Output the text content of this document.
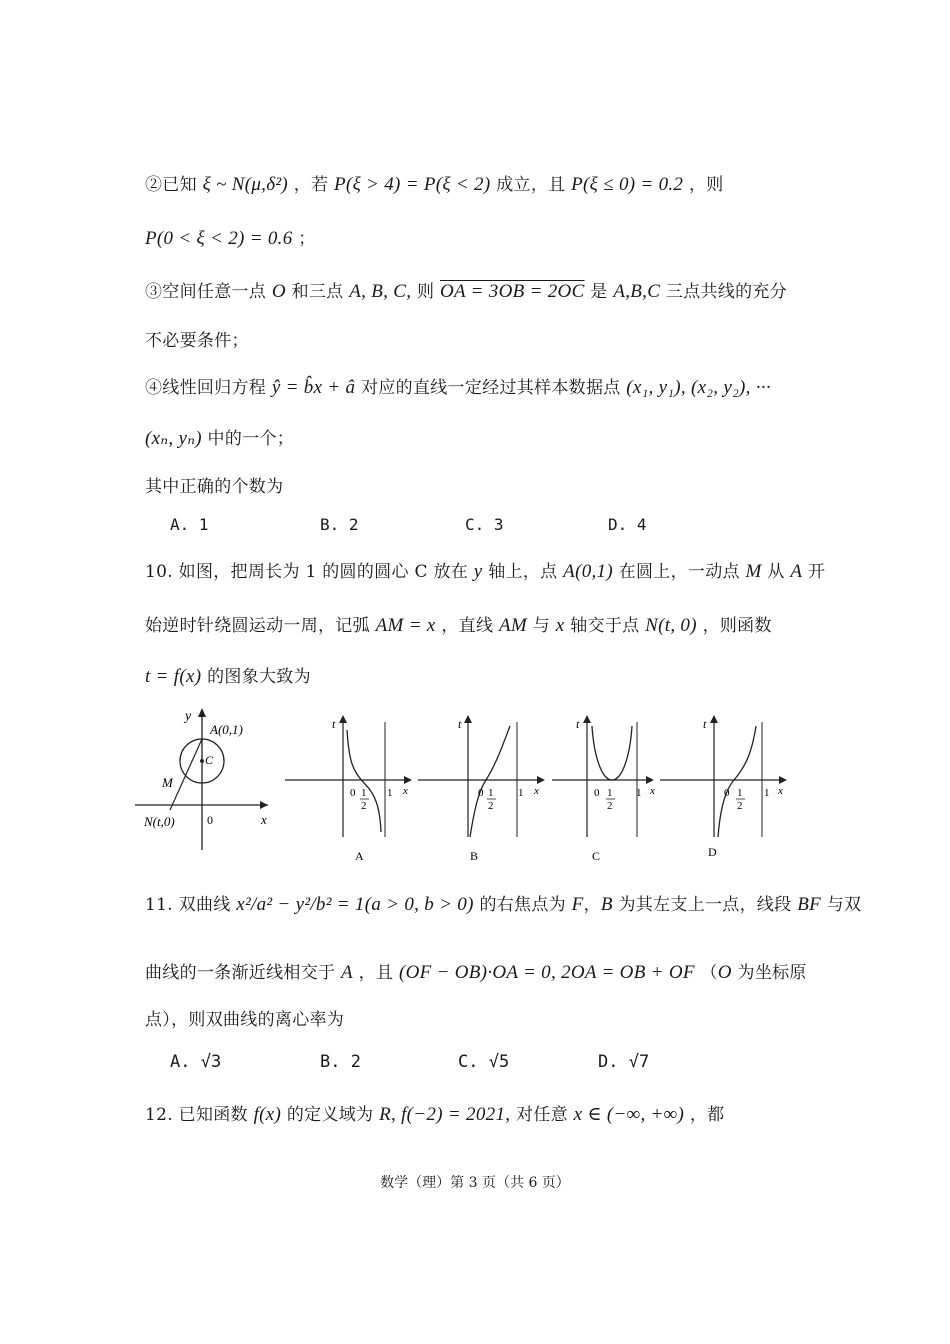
②已知 ξ ~ N(μ,δ²) ，若 P(ξ > 4) = P(ξ < 2) 成立，且 P(ξ ≤ 0) = 0.2 ，则
P(0 < ξ < 2) = 0.6 ；
③空间任意一点 O 和三点 A, B, C, 则 OA = 3OB = 2OC 是 A,B,C 三点共线的充分
不必要条件；
④线性回归方程 ŷ = b̂x + â 对应的直线一定经过其样本数据点 (x₁, y₁), (x₂, y₂), ···
(xₙ, yₙ) 中的一个；
其中正确的个数为
A. 1	B. 2	C. 3	D. 4
10. 如图，把周长为 1 的圆的圆心 C 放在 y 轴上，点 A(0,1) 在圆上，一动点 M 从 A 开
始逆时针绕圆运动一周，记弧 AM = x ，直线 AM 与 x 轴交于点 N(t, 0) ，则函数
t = f(x) 的图象大致为
y
A(0,1)
C
M
N(t,0)	0	x
t
0 1
2
1 x
A
t
0 1
2
1 x
B
t
0 1
2
1 x
C
t
0 1
2
1 x
D
11. 双曲线 x²/a² − y²/b² = 1(a > 0, b > 0) 的右焦点为 F，B 为其左支上一点，线段 BF 与双
曲线的一条渐近线相交于 A ，且 (OF − OB)·OA = 0, 2OA = OB + OF （O 为坐标原
点），则双曲线的离心率为
A. √3	B. 2	C. √5	D. √7
12. 已知函数 f(x) 的定义域为 R, f(−2) = 2021, 对任意 x ∈ (−∞, +∞) ，都
数学（理）第 3 页（共 6 页）
